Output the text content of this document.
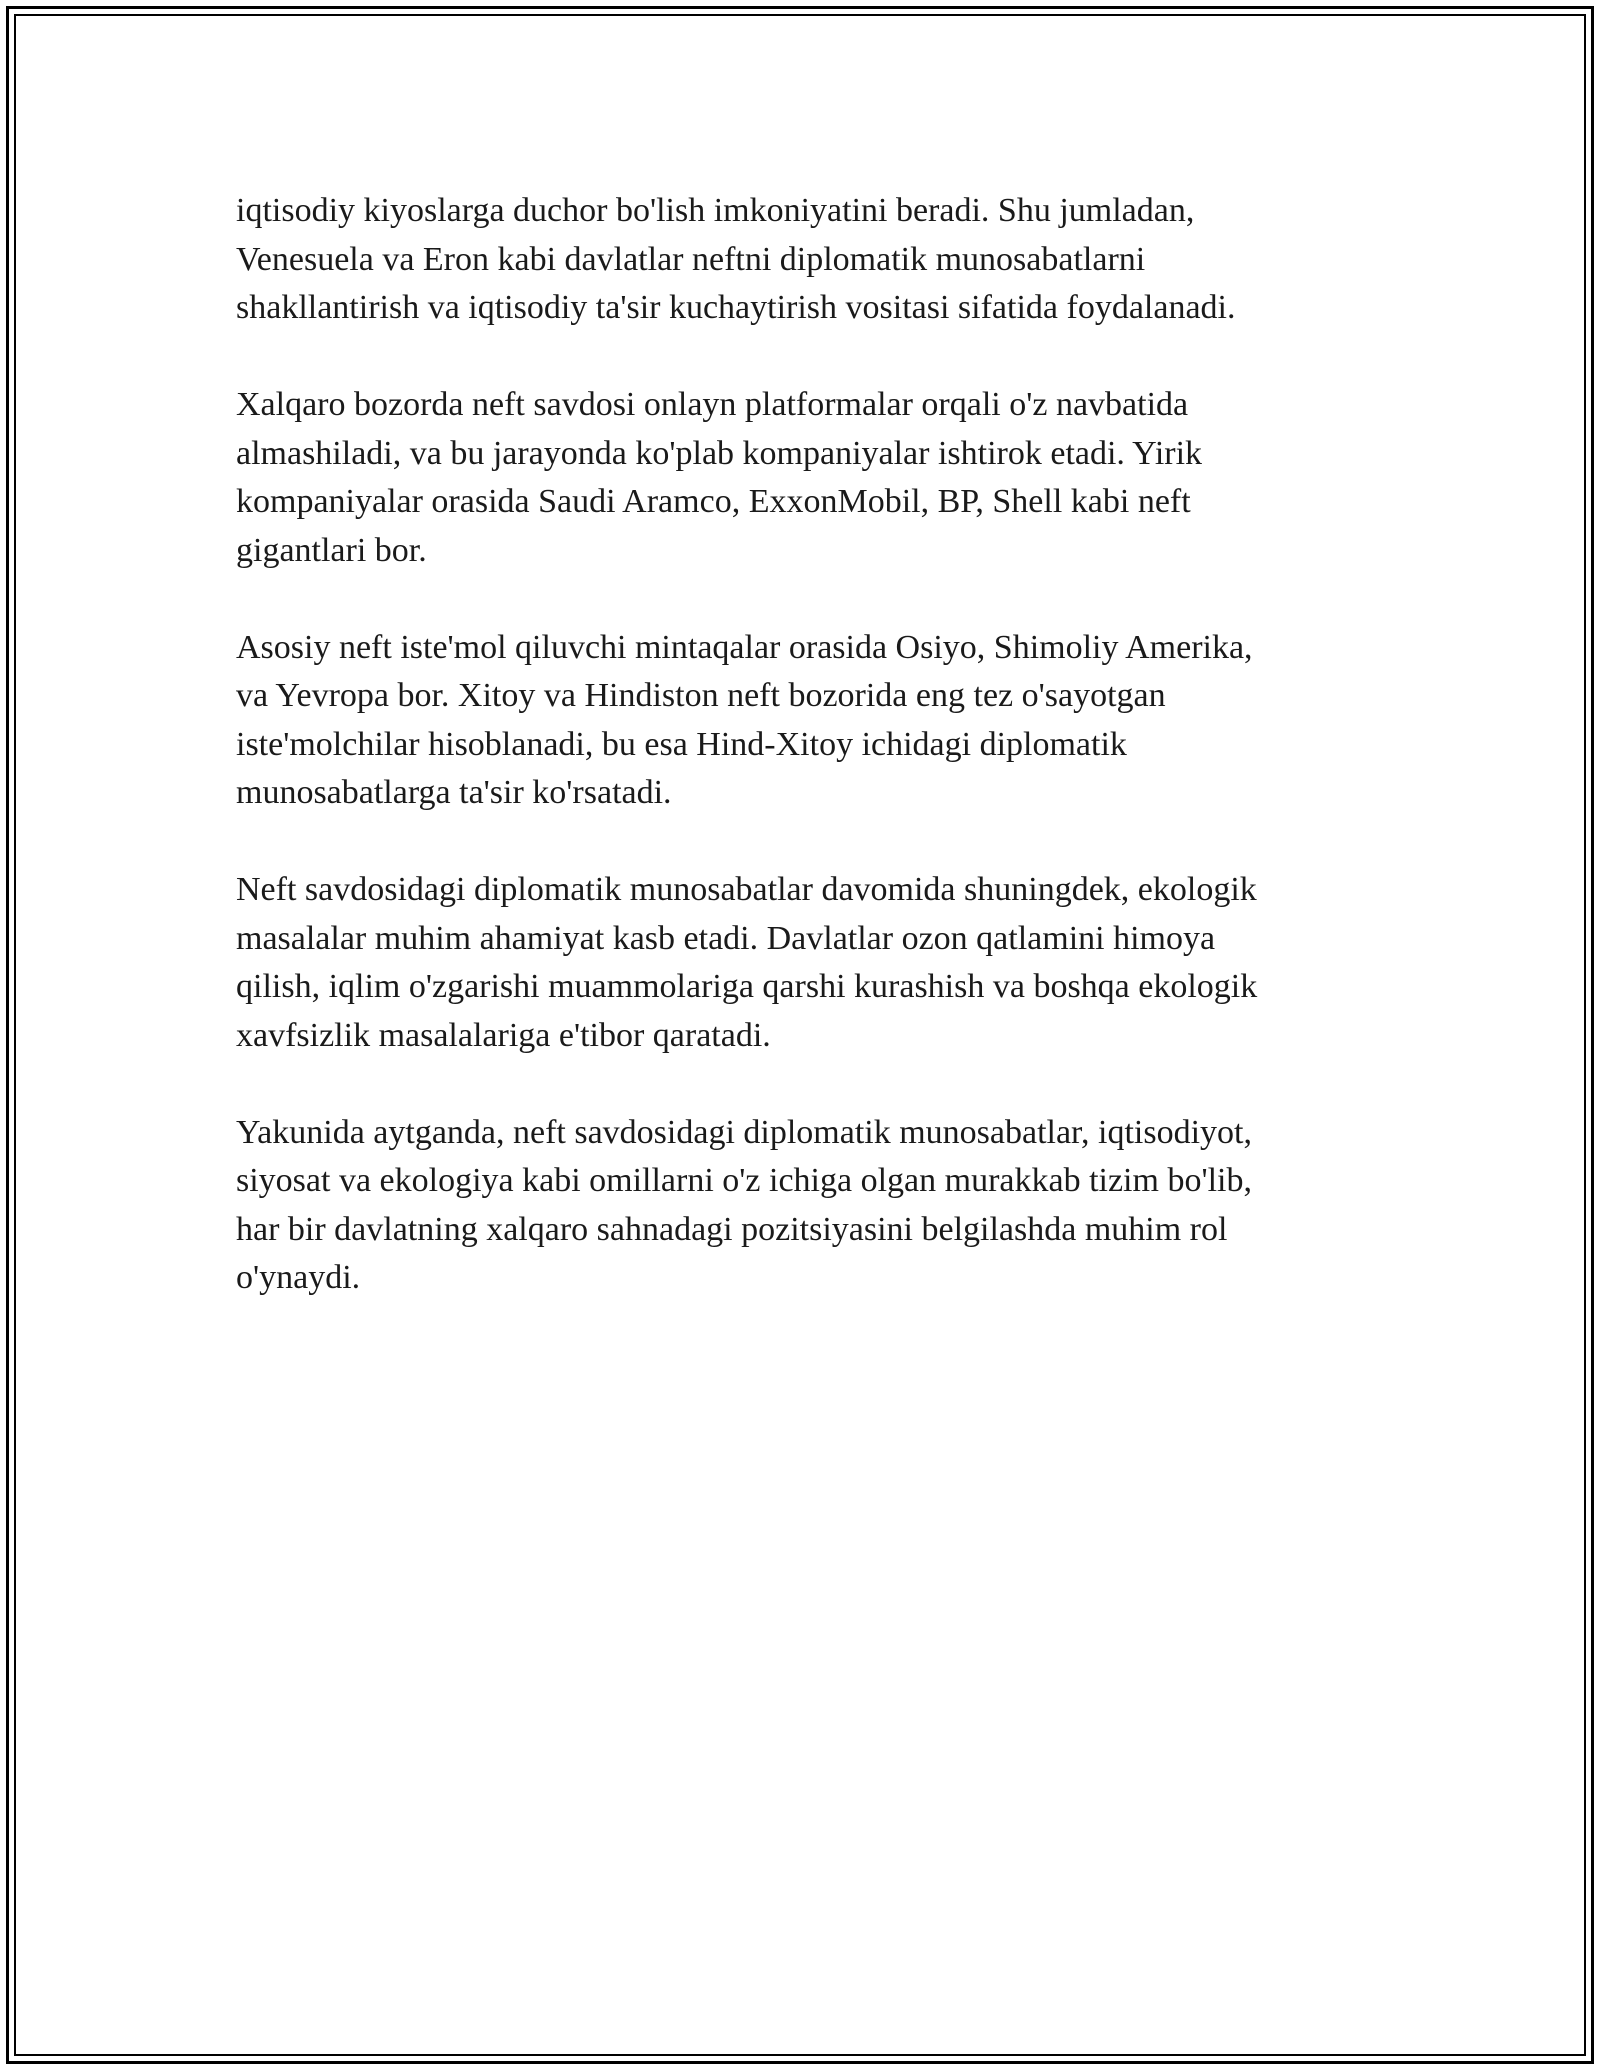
iqtisodiy kiyoslarga duchor bo'lish imkoniyatini beradi. Shu jumladan,
Venesuela va Eron kabi davlatlar neftni diplomatik munosabatlarni
shakllantirish va iqtisodiy ta'sir kuchaytirish vositasi sifatida foydalanadi.

Xalqaro bozorda neft savdosi onlayn platformalar orqali o'z navbatida
almashiladi, va bu jarayonda ko'plab kompaniyalar ishtirok etadi. Yirik
kompaniyalar orasida Saudi Aramco, ExxonMobil, BP, Shell kabi neft
gigantlari bor.

Asosiy neft iste'mol qiluvchi mintaqalar orasida Osiyo, Shimoliy Amerika,
va Yevropa bor. Xitoy va Hindiston neft bozorida eng tez o'sayotgan
iste'molchilar hisoblanadi, bu esa Hind-Xitoy ichidagi diplomatik
munosabatlarga ta'sir ko'rsatadi.

Neft savdosidagi diplomatik munosabatlar davomida shuningdek, ekologik
masalalar muhim ahamiyat kasb etadi. Davlatlar ozon qatlamini himoya
qilish, iqlim o'zgarishi muammolariga qarshi kurashish va boshqa ekologik
xavfsizlik masalalariga e'tibor qaratadi.

Yakunida aytganda, neft savdosidagi diplomatik munosabatlar, iqtisodiyot,
siyosat va ekologiya kabi omillarni o'z ichiga olgan murakkab tizim bo'lib,
har bir davlatning xalqaro sahnadagi pozitsiyasini belgilashda muhim rol
o'ynaydi.
